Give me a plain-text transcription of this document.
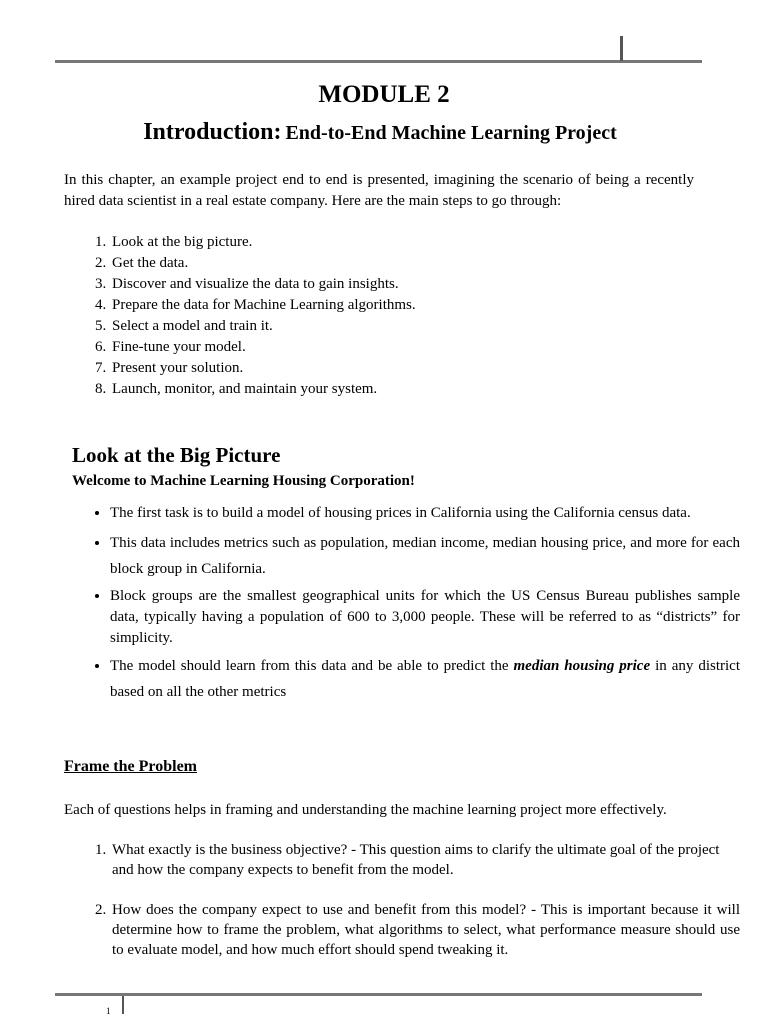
MODULE 2
Introduction: End-to-End Machine Learning Project
In this chapter, an example project end to end is presented, imagining the scenario of being a recently hired data scientist in a real estate company. Here are the main steps to go through:
1. Look at the big picture.
2. Get the data.
3. Discover and visualize the data to gain insights.
4. Prepare the data for Machine Learning algorithms.
5. Select a model and train it.
6. Fine-tune your model.
7. Present your solution.
8. Launch, monitor, and maintain your system.
Look at the Big Picture
Welcome to Machine Learning Housing Corporation!
• The first task is to build a model of housing prices in California using the California census data.
• This data includes metrics such as population, median income, median housing price, and more for each block group in California.
• Block groups are the smallest geographical units for which the US Census Bureau publishes sample data, typically having a population of 600 to 3,000 people. These will be referred to as “districts” for simplicity.
• The model should learn from this data and be able to predict the median housing price in any district based on all the other metrics
Frame the Problem
Each of questions helps in framing and understanding the machine learning project more effectively.
1. What exactly is the business objective? - This question aims to clarify the ultimate goal of the project and how the company expects to benefit from the model.
2. How does the company expect to use and benefit from this model? - This is important because it will determine how to frame the problem, what algorithms to select, what performance measure should use to evaluate model, and how much effort should spend tweaking it.
1
